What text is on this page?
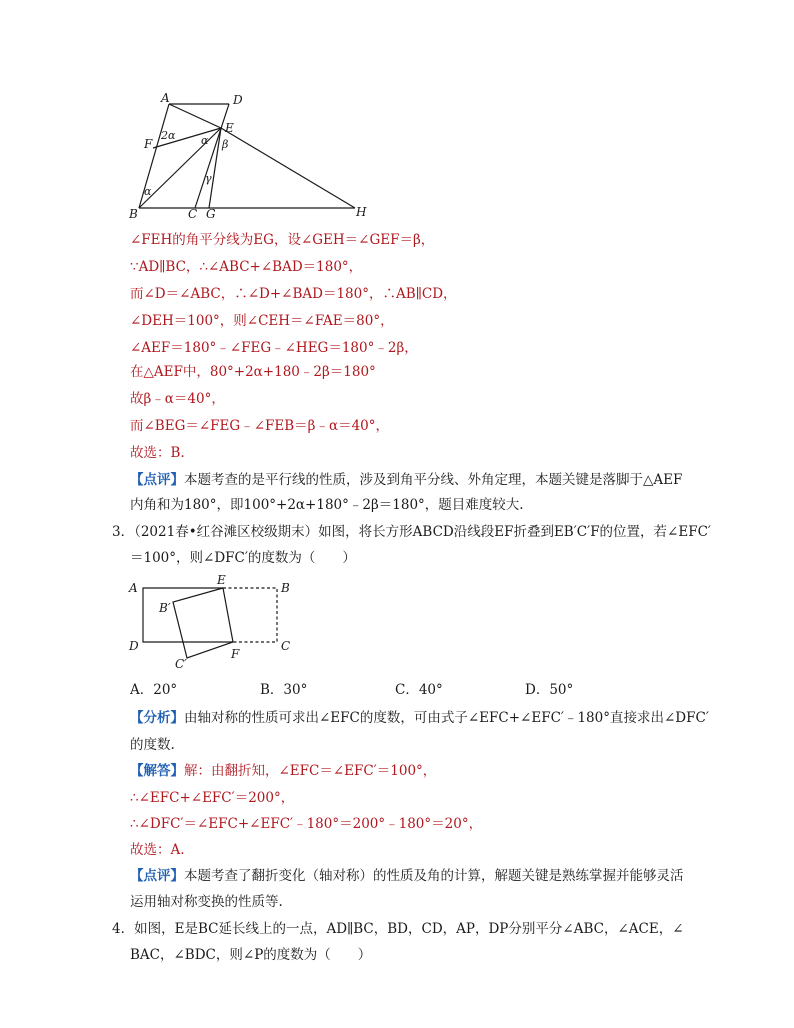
A	D
E
F
B	C G	H
2α α β
γ
α
∠FEH的角平分线为EG，设∠GEH＝∠GEF＝β，
∵AD∥BC，∴∠ABC+∠BAD＝180°，
而∠D＝∠ABC，∴∠D+∠BAD＝180°，∴AB∥CD，
∠DEH＝100°，则∠CEH＝∠FAE＝80°，
∠AEF＝180°﹣∠FEG﹣∠HEG＝180°﹣2β，
在△AEF中，80°+2α+180﹣2β＝180°
故β﹣α＝40°，
而∠BEG＝∠FEG﹣∠FEB＝β﹣α＝40°，
故选：B.
【点评】本题考查的是平行线的性质，涉及到角平分线、外角定理，本题关键是落脚于△AEF
内角和为180°，即100°+2α+180°﹣2β＝180°，题目难度较大.
3．（2021春•红谷滩区校级期末）如图，将长方形ABCD沿线段EF折叠到EB′C′F的位置，若∠EFC′
＝100°，则∠DFC′的度数为（　　）
A
E
B
B′
D	C
C′
F
A．20°	B．30°	C．40°	D．50°
【分析】由轴对称的性质可求出∠EFC的度数，可由式子∠EFC+∠EFC′﹣180°直接求出∠DFC′
的度数.
【解答】解：由翻折知，∠EFC＝∠EFC′＝100°，
∴∠EFC+∠EFC′＝200°，
∴∠DFC′＝∠EFC+∠EFC′﹣180°＝200°﹣180°＝20°，
故选：A.
【点评】本题考查了翻折变化（轴对称）的性质及角的计算，解题关键是熟练掌握并能够灵活
运用轴对称变换的性质等.
4．如图，E是BC延长线上的一点，AD∥BC，BD，CD，AP，DP分别平分∠ABC，∠ACE，∠
BAC，∠BDC，则∠P的度数为（　　）
